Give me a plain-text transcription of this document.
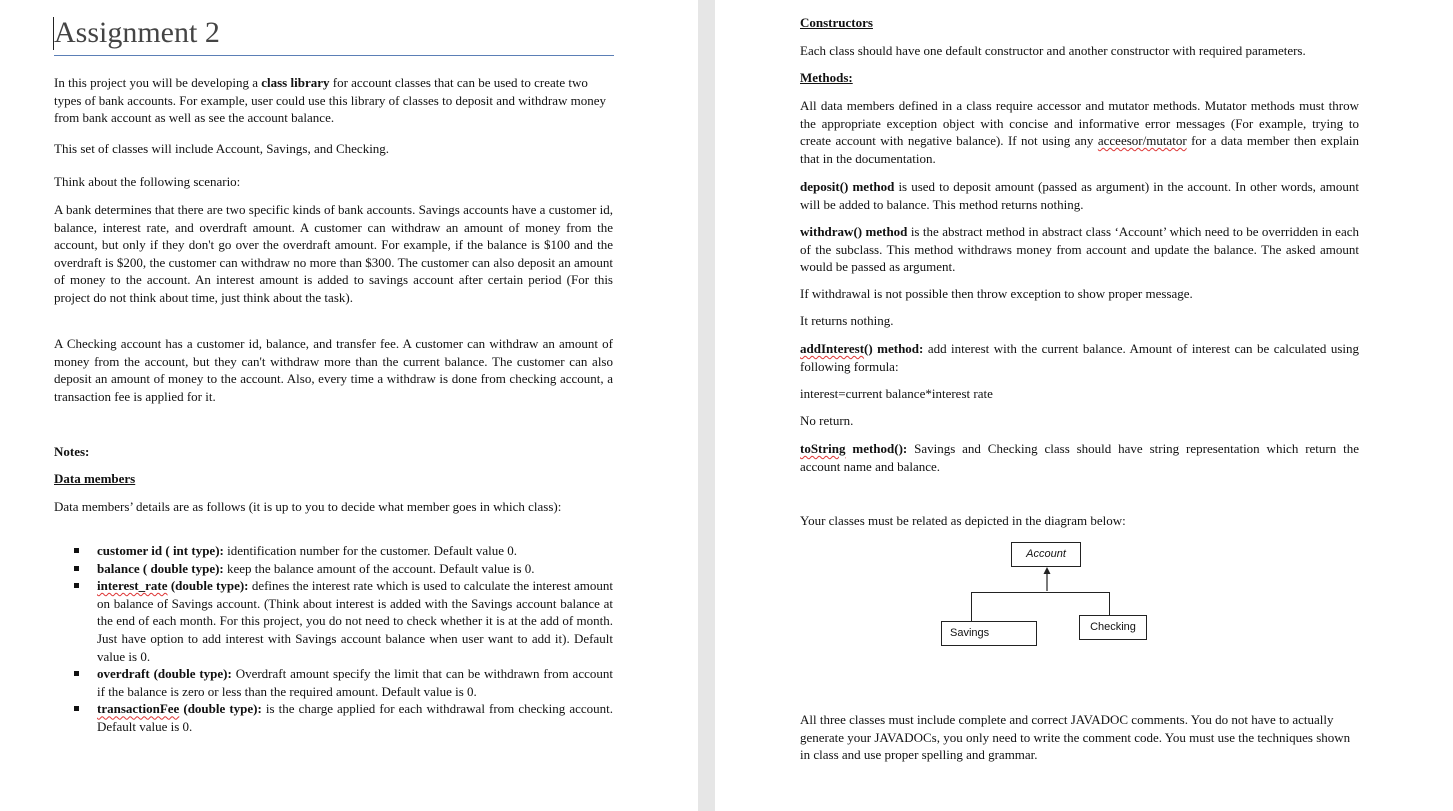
Assignment 2

In this project you will be developing a class library for account classes that can be used to create two types of bank accounts. For example, user could use this library of classes to deposit and withdraw money from bank account as well as see the account balance.

This set of classes will include Account, Savings, and Checking.

Think about the following scenario:

A bank determines that there are two specific kinds of bank accounts. Savings accounts have a customer id, balance, interest rate, and overdraft amount. A customer can withdraw an amount of money from the account, but only if they don't go over the overdraft amount. For example, if the balance is $100 and the overdraft is $200, the customer can withdraw no more than $300. The customer can also deposit an amount of money to the account. An interest amount is added to savings account after certain period (For this project do not think about time, just think about the task).

A Checking account has a customer id, balance, and transfer fee. A customer can withdraw an amount of money from the account, but they can't withdraw more than the current balance. The customer can also deposit an amount of money to the account. Also, every time a withdraw is done from checking account, a transaction fee is applied for it.

Notes:

Data members

Data members’ details are as follows (it is up to you to decide what member goes in which class):

customer id ( int type): identification number for the customer. Default value 0.
balance ( double type): keep the balance amount of the account. Default value is 0.
interest_rate (double type): defines the interest rate which is used to calculate the interest amount on balance of Savings account. (Think about interest is added with the Savings account balance at the end of each month. For this project, you do not need to check whether it is at the add of month. Just have option to add interest with Savings account balance when user want to add it). Default value is 0.
overdraft (double type): Overdraft amount specify the limit that can be withdrawn from account if the balance is zero or less than the required amount. Default value is 0.
transactionFee (double type): is the charge applied for each withdrawal from checking account. Default value is 0.

Constructors

Each class should have one default constructor and another constructor with required parameters.

Methods:

All data members defined in a class require accessor and mutator methods. Mutator methods must throw the appropriate exception object with concise and informative error messages (For example, trying to create account with negative balance). If not using any acceesor/mutator for a data member then explain that in the documentation.

deposit() method is used to deposit amount (passed as argument) in the account. In other words, amount will be added to balance. This method returns nothing.

withdraw() method is the abstract method in abstract class ‘Account’ which need to be overridden in each of the subclass. This method withdraws money from account and update the balance. The asked amount would be passed as argument.

If withdrawal is not possible then throw exception to show proper message.

It returns nothing.

addInterest() method: add interest with the current balance. Amount of interest can be calculated using following formula:

interest=current balance*interest rate

No return.

toString method(): Savings and Checking class should have string representation which return the account name and balance.

Your classes must be related as depicted in the diagram below:

Account
Savings	Checking

All three classes must include complete and correct JAVADOC comments. You do not have to actually generate your JAVADOCs, you only need to write the comment code. You must use the techniques shown in class and use proper spelling and grammar.
